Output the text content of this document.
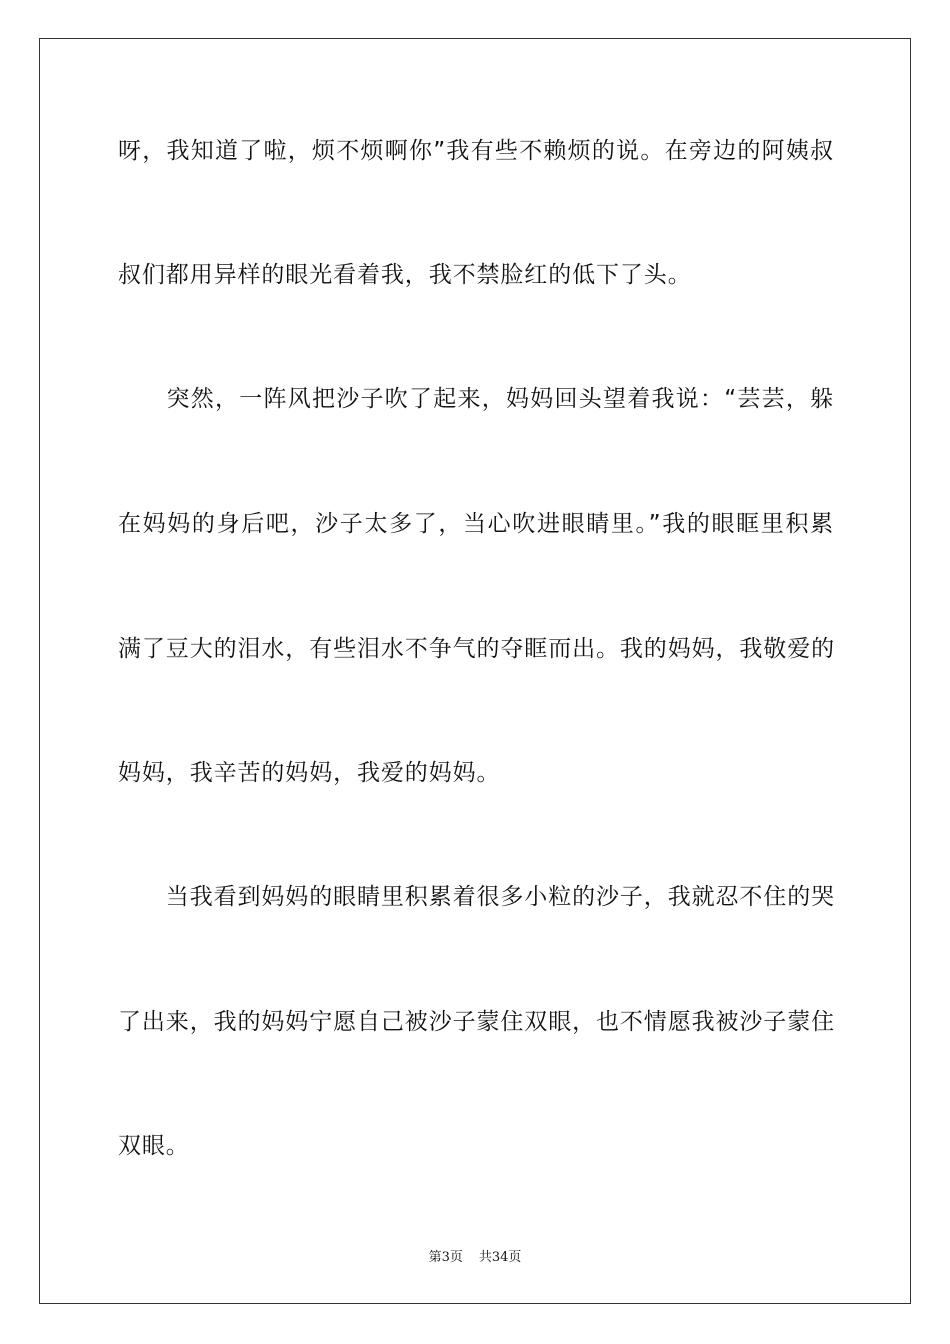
呀，我知道了啦，烦不烦啊你”我有些不赖烦的说。在旁边的阿姨叔
叔们都用异样的眼光看着我，我不禁脸红的低下了头。
　　突然，一阵风把沙子吹了起来，妈妈回头望着我说：“芸芸，躲
在妈妈的身后吧，沙子太多了，当心吹进眼睛里。”我的眼眶里积累
满了豆大的泪水，有些泪水不争气的夺眶而出。我的妈妈，我敬爱的
妈妈，我辛苦的妈妈，我爱的妈妈。
　　当我看到妈妈的眼睛里积累着很多小粒的沙子，我就忍不住的哭
了出来，我的妈妈宁愿自己被沙子蒙住双眼，也不情愿我被沙子蒙住
双眼。
第3页 共34页
